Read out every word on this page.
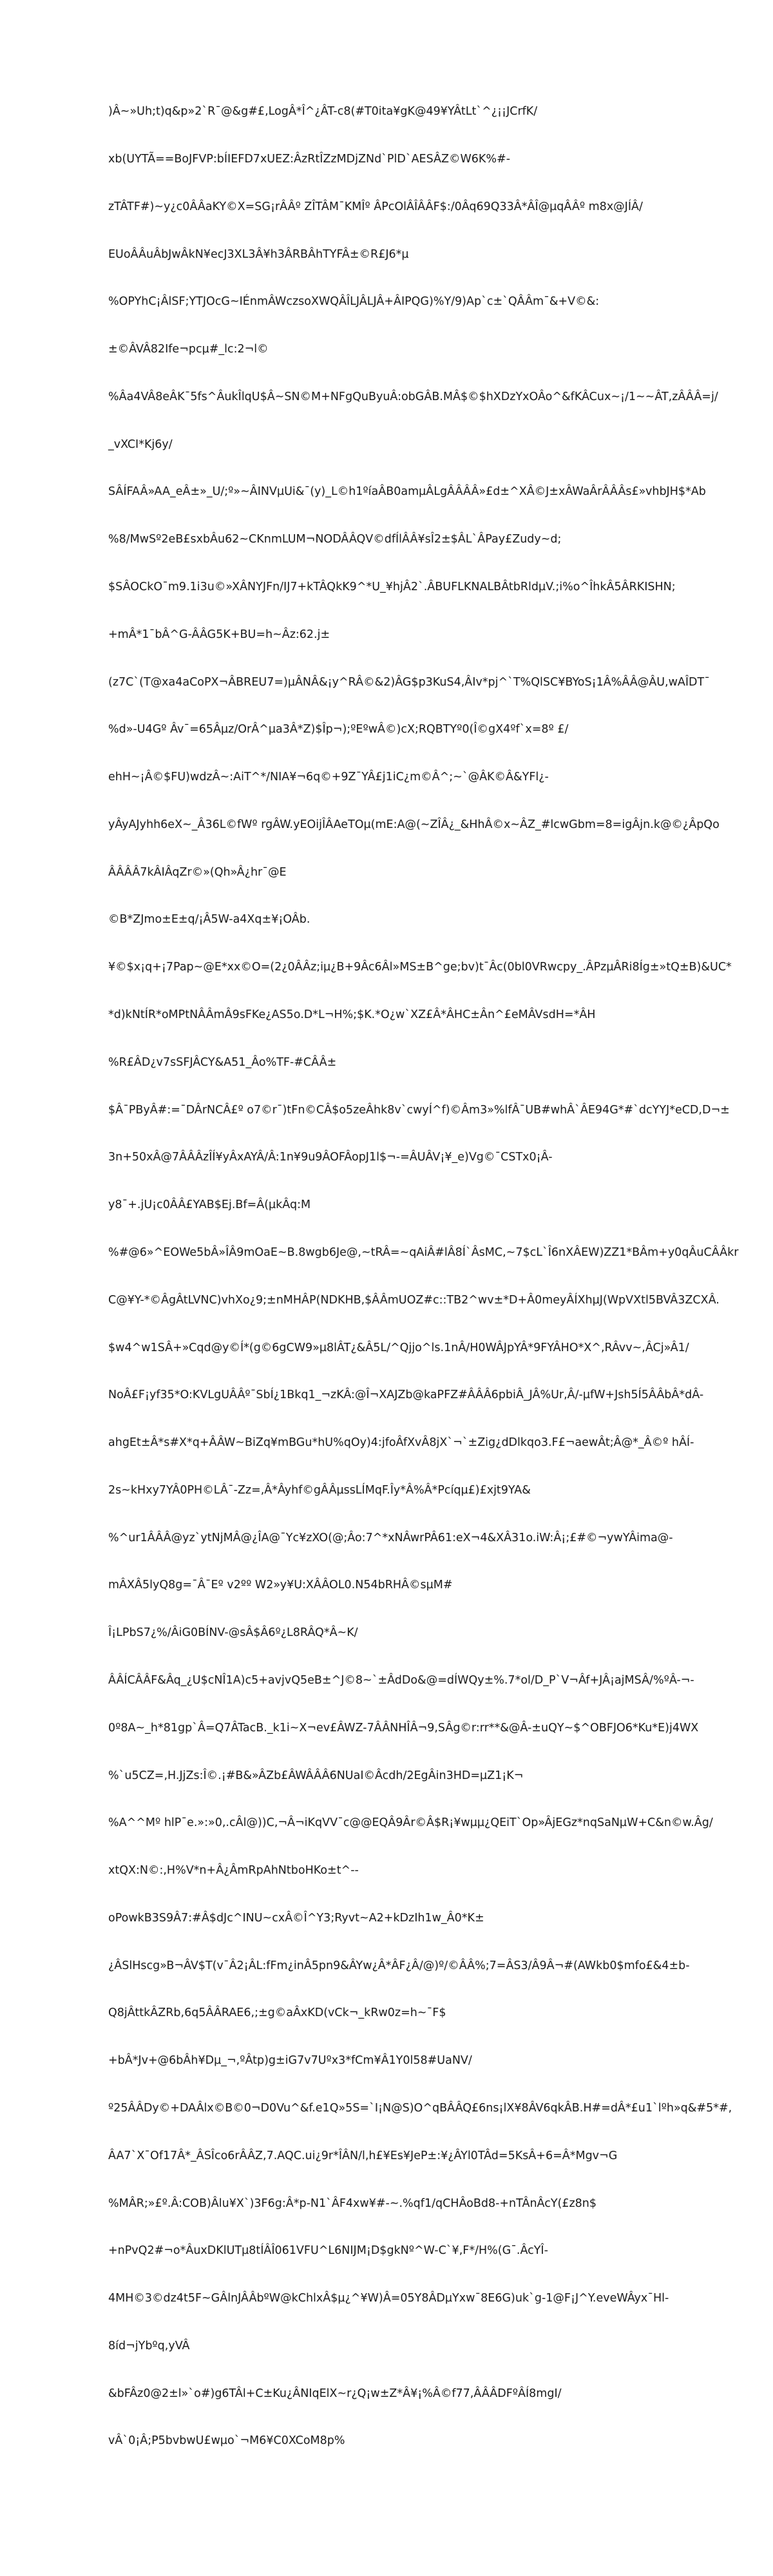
)Â~»Uh;t)q&p»2`R¯@&g#£,LogÂ*Î^¿ÂT-c8(#T0ita¥gK@49¥YÂtLt`^¿¡¡JCrfK/

xb(UYTÃ==BoJFVP:bÍIEFD7xUEZ:ÂzRtÎZzMDjZNd`PlD`AESÂZ©W6K%#-

zTÂTF#)~y¿c0ÂÂaKY©X=SG¡rÂÂº ZÎTÂM¯KMÎº ÂPcOlÂÎÂÂF$:/0Âq69Q33Â*ÂÎ@µqÂÂº m8x@JÍÂ/

EUoÂÂuÂbJwÂkN¥ecJ3XL3Â¥h3ÂRBÂhTYFÂ±©R£J6*µ

%OPYhC¡ÂlSF;YTJOcG~IÉnmÂWczsoXWQÂÎLJÂLJÂ+ÂIPQG)%Y/9)Ap`c±`QÂÂm¯&+V©&:

±©ÂVÂ82Ife¬pcµ#_lc:2¬l©

%Âa4VÂ8eÂK¯5fs^ÂukÎlqU$Â~SN©M+NFgQuByuÂ:obGÂB.MÂ$©$hXDzYxOÂo^&fKÂCux~¡/1~~ÂT,zÂÂÂ=j/

_vXCI*Kj6y/

SÂÍFAÂ»AA_eÂ±»_U/;º»~ÂINVµUi&¯(y)_L©h1ºíaÂB0amµÂLgÂÂÂÂ»£d±^XÂ©J±xÂWaÂrÂÂÂs£»vhbJH$*Ab

%8/MwSº2eB£sxbÂu62~CKnmLUM¬NODÂÂQV©dfÍlÂÂ¥sÎ2±$ÂL`ÂPay£Zudy~d;

$SÂOCkO¯m9.1i3u©»XÂNYJFn/IJ7+kTÂQkK9^*U_¥hjÂ2`.ÂBUFLKNALBÂtbRldµV.;i%o^ÎhkÂ5ÂRKISHN;

+mÂ*1¯bÂ^G-ÂÂG5K+BU=h~Âz:62.j±

(z7C`(T@xa4aCoPX¬ÂBREU7=)µÂNÂ&¡y^RÂ©&2)ÂG$p3KuS4,ÂIv*pj^`T%QlSC¥BYoS¡1Â%ÂÂ@ÂU,wAÎDT¯

%d»-U4Gº Âv¯=65Âµz/OrÂ^µa3Â*Z)$Îp¬);ºEºwÂ©)cX;RQBTYº0(Î©gX4ºf`x=8º £/

ehH~¡Â©$FU)wdzÂ~:AiT^*/NIA¥¬6q©+9Z¯YÂ£j1iC¿m©Â^;~`@ÂK©Â&YFl¿-

yÂyAJyhh6eX~_Â36L©fWº rgÂW.yEOijÎÂAeTOµ(mE:A@(~ZÎÂ¿_&HhÂ©x~ÂZ_#lcwGbm=8=igÂjn.k@©¿ÂpQo

ÂÂÂÂ7kÂIÂqZr©»(Qh»Â¿hr¯@E

©B*ZJmo±E±q/¡Â5W-a4Xq±¥¡OÂb.

¥©$x¡q+¡7Pap~@E*xx©O=(2¿0ÂÂz;iµ¿B+9Âc6Âl»MS±B^ge;bv)t¯Âc(0bl0VRwcpy_.ÂPzµÂRi8Íg±»tQ±B)&UC*

*d)kNtÍR*oMPtNÂÂmÂ9sFKe¿AS5o.D*L¬H%;$K.*O¿w`XZ£Â*ÂHC±Ân^£eMÂVsdH=*ÂH

%R£ÂD¿v7sSFJÂCY&A51_Âo%TF-#CÂÂ±

$Â¯PByÂ#:=¯DÂrNCÂ£º o7©r¯)tFn©CÂ$o5zeÂhk8v`cwyÍ^f)©Âm3»%lfÂ¯UB#whÂ`ÂE94G*#`dcYYJ*eCD,D¬±

3n+50xÂ@7ÂÂÂzÎÍ¥yÂxAYÂ/Â:1n¥9u9ÂOFÂopJ1l$¬-=ÂUÂV¡¥_e)Vg©¯CSTx0¡Â-

y8¯+.jU¡c0ÂÂ£YAB$Ej.Bf=Â(µkÂq:M

%#@6»^EOWe5bÂ»ÎÂ9mOaE~B.8wgb6Je@,~tRÂ=~qAiÂ#lÂ8Í`ÂsMC,~7$cL`Î6nXÂEW)ZZ1*BÂm+y0qÂuCÂÂkr

C@¥Y-*©ÂgÂtLVNC)vhXo¿9;±nMHÂP(NDKHB,$ÂÂmUOZ#c::TB2^wv±*D+Â0meyÂÍXhµJ(WpVXtl5BVÂ3ZCXÂ.

$w4^w1SÂ+»Cqd@y©Í*(g©6gCW9»µ8lÂT¿&Â5L/^Qjjo^ls.1nÂ/H0WÂJpYÂ*9FYÂHO*X^,RÂvv~,ÂCj»Â1/

NoÂ£F¡yf35*O:KVLgUÂÂº¯SbÍ¿1Bkq1_¬zKÂ:@Î¬XAJZb@kaPFZ#ÂÂÂ6pbiÂ_JÂ%Ur,Â/-µfW+Jsh5Í5ÂÂbÂ*dÂ-

ahgEt±Â*s#X*q+ÂÂW~BiZq¥mBGu*hU%qOy)4:jfoÂfXvÂ8jX`¬`±Zig¿dDlkqo3.F£¬aewÂt;Â@*_Â©º hÂÍ-

2s~kHxy7YÂ0PH©LÂ¯-Zz=,Â*Âyhf©gÂÂµssLÍMqF.Îy*Â%Â*Pcíqµ£)£xjt9YA&

%^ur1ÂÂÂ@yz`ytNjMÂ@¿ÎA@¯Yc¥zXO(@;Âo:7^*xNÂwrPÂ61:eX¬4&XÂ31o.iW:Â¡;£#©¬ywYÂima@-

mÂXÂ5lyQ8g=¯Â¯Eº v2ºº W2»y¥U:XÂÂOL0.N54bRHÂ©sµM#

Î¡LPbS7¿%/ÂiG0BÍNV-@sÂ$Â6º¿L8RÂQ*Â~K/

ÂÂÍCÂÂF&Âq_¿U$cNÎ1A)c5+avjvQ5eB±^J©8~`±ÂdDo&@=dÍWQy±%.7*ol/D_P`V¬Âf+JÂ¡ajMSÂ/%ºÂ-¬-

0º8A~_h*81gp`Â=Q7ÂTacB._k1i~X¬ev£ÂWZ-7ÂÂNHÎÂ¬9,SÂg©r:rr**&@Â-±uQY~$^OBFJO6*Ku*E)j4WX

%`u5CZ=,H.JjZs:Î©.¡#B&»ÂZb£ÂWÂÂÂ6NUaI©Âcdh/2EgÂin3HD=µZ1¡K¬

%A^^Mº hlP¯e.»:»0,.cÂl@))C,¬Â¬iKqVV¯c@@EQÂ9Âr©Â$R¡¥wµµ¿QEiT`Op»ÂjEGz*nqSaNµW+C&n©w.Âg/

xtQX:N©:,H%V*n+Â¿ÂmRpAhNtboHKo±t^--

oPowkB3S9Â7:#Â$dJc^INU~cxÂ©Î^Y3;Ryvt~A2+kDzIh1w_Â0*K±

¿ÂSlHscg»B¬ÂV$T(v¯Â2¡ÂL:fFm¿inÂ5pn9&ÂYw¿Â*ÂF¿Â/@)º/©ÂÂ%;7=ÂS3/Â9Â¬#(AWkb0$mfo£&4±b-

Q8jÂttkÂZRb,6q5ÂÂRAE6,;±g©aÂxKD(vCk¬_kRw0z=h~¯F$

+bÂ*Jv+@6bÂh¥Dµ_¬,ºÂtp)g±iG7v7Uºx3*fCm¥Â1Y0l58#UaNV/

º25ÂÂDy©+DAÂlx©B©0¬D0Vu^&f.e1Q»5S=`I¡N@S)O^qBÂÂQ£6ns¡lX¥8ÂV6qkÂB.H#=dÂ*£u1`lºh»q&#5*#,

ÂA7`X¯Of17Â*_ÂSÎco6rÂÂZ,7.AQC.ui¿9r*ÎÂN/l,h£¥Es¥JeP±:¥¿ÂYl0TÂd=5KsÂ+6=Â*Mgv¬G

%MÂR;»£º.Â:COB)Âlu¥X`)3F6g:Â*p-N1`ÂF4xw¥#-~.%qf1/qCHÂoBd8-+nTÂnÂcY(£z8n$

+nPvQ2#¬o*ÂuxDKlUTµ8tÍÂÎ061VFU^L6NIJM¡D$gkNº^W-C`¥,F*/H%(G¯.ÂcYÎ-

4MH©3©dz4t5F~GÂlnJÂÂbºW@kChlxÂ$µ¿^¥W)Â=05Y8ÂDµYxw¯8E6G)uk`g-1@F¡J^Y.eveWÂyx¯Hl-

8íd¬jYbºq,yVÂ

&bFÂz0@2±l»`o#)g6TÂl+C±Ku¿ÂNIqElX~r¿Q¡w±Z*Â¥¡%Â©f77,ÂÂÂDFºÂÍ8mgI/

vÂ`0¡Â;P5bvbwU£wµo`¬M6¥C0XCoM8p%
